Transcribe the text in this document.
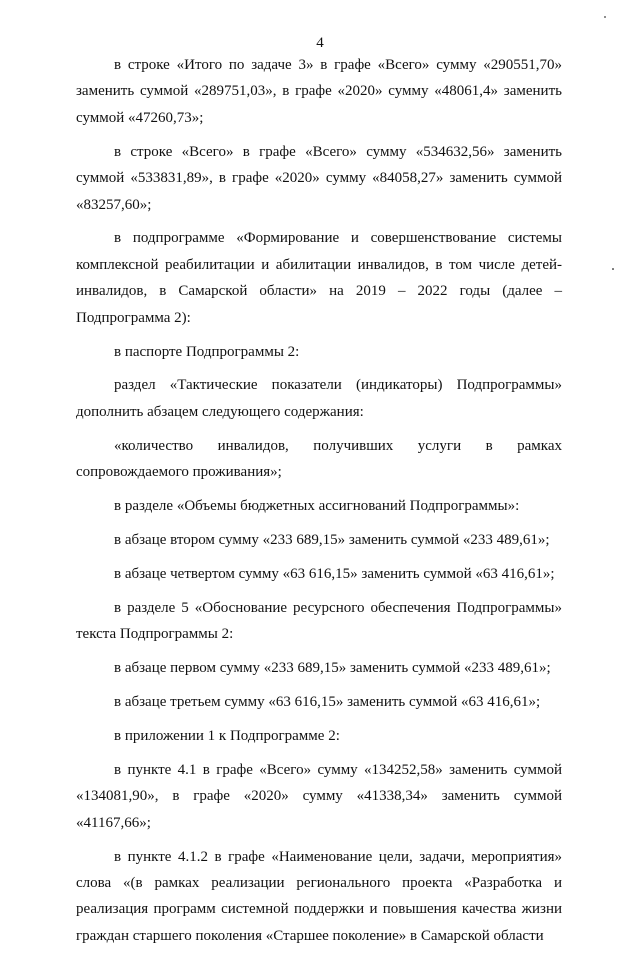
4

в строке «Итого по задаче 3» в графе «Всего» сумму «290551,70» заменить суммой «289751,03», в графе «2020» сумму «48061,4» заменить суммой «47260,73»;

в строке «Всего» в графе «Всего» сумму «534632,56» заменить суммой «533831,89», в графе «2020» сумму «84058,27» заменить суммой «83257,60»;

в подпрограмме «Формирование и совершенствование системы комплексной реабилитации и абилитации инвалидов, в том числе детей-инвалидов, в Самарской области» на 2019 – 2022 годы (далее – Подпрограмма 2):

в паспорте Подпрограммы 2:

раздел «Тактические показатели (индикаторы) Подпрограммы» дополнить абзацем следующего содержания:

«количество инвалидов, получивших услуги в рамках сопровождаемого проживания»;

в разделе «Объемы бюджетных ассигнований Подпрограммы»:

в абзаце втором сумму «233 689,15» заменить суммой «233 489,61»;

в абзаце четвертом сумму «63 616,15» заменить суммой «63 416,61»;

в разделе 5 «Обоснование ресурсного обеспечения Подпрограммы» текста Подпрограммы 2:

в абзаце первом сумму «233 689,15» заменить суммой «233 489,61»;

в абзаце третьем сумму «63 616,15» заменить суммой «63 416,61»;

в приложении 1 к Подпрограмме 2:

в пункте 4.1 в графе «Всего» сумму «134252,58» заменить суммой «134081,90», в графе «2020» сумму «41338,34» заменить суммой «41167,66»;

в пункте 4.1.2 в графе «Наименование цели, задачи, мероприятия» слова «(в рамках реализации регионального проекта «Разработка и реализация программ системной поддержки и повышения качества жизни граждан старшего поколения «Старшее поколение» в Самарской области
